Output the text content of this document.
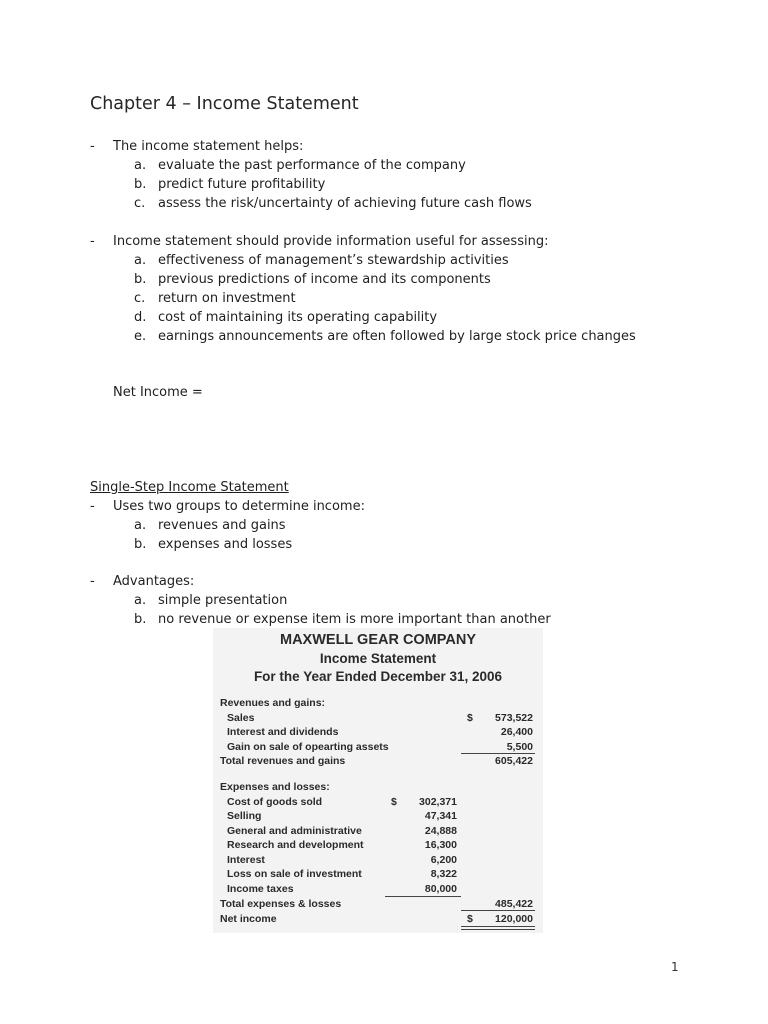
Chapter 4 – Income Statement
- The income statement helps:
a. evaluate the past performance of the company
b. predict future profitability
c. assess the risk/uncertainty of achieving future cash flows
- Income statement should provide information useful for assessing:
a. effectiveness of management’s stewardship activities
b. previous predictions of income and its components
c. return on investment
d. cost of maintaining its operating capability
e. earnings announcements are often followed by large stock price changes
Net Income =
Single-Step Income Statement
- Uses two groups to determine income:
a. revenues and gains
b. expenses and losses
- Advantages:
a. simple presentation
b. no revenue or expense item is more important than another
MAXWELL GEAR COMPANY
Income Statement
For the Year Ended December 31, 2006
Revenues and gains:
Sales	$ 573,522
Interest and dividends	26,400
Gain on sale of opearting assets	5,500
Total revenues and gains	605,422
Expenses and losses:
Cost of goods sold	$ 302,371
Selling	47,341
General and administrative	24,888
Research and development	16,300
Interest	6,200
Loss on sale of investment	8,322
Income taxes	80,000
Total expenses & losses	485,422
Net income	$ 120,000
1
